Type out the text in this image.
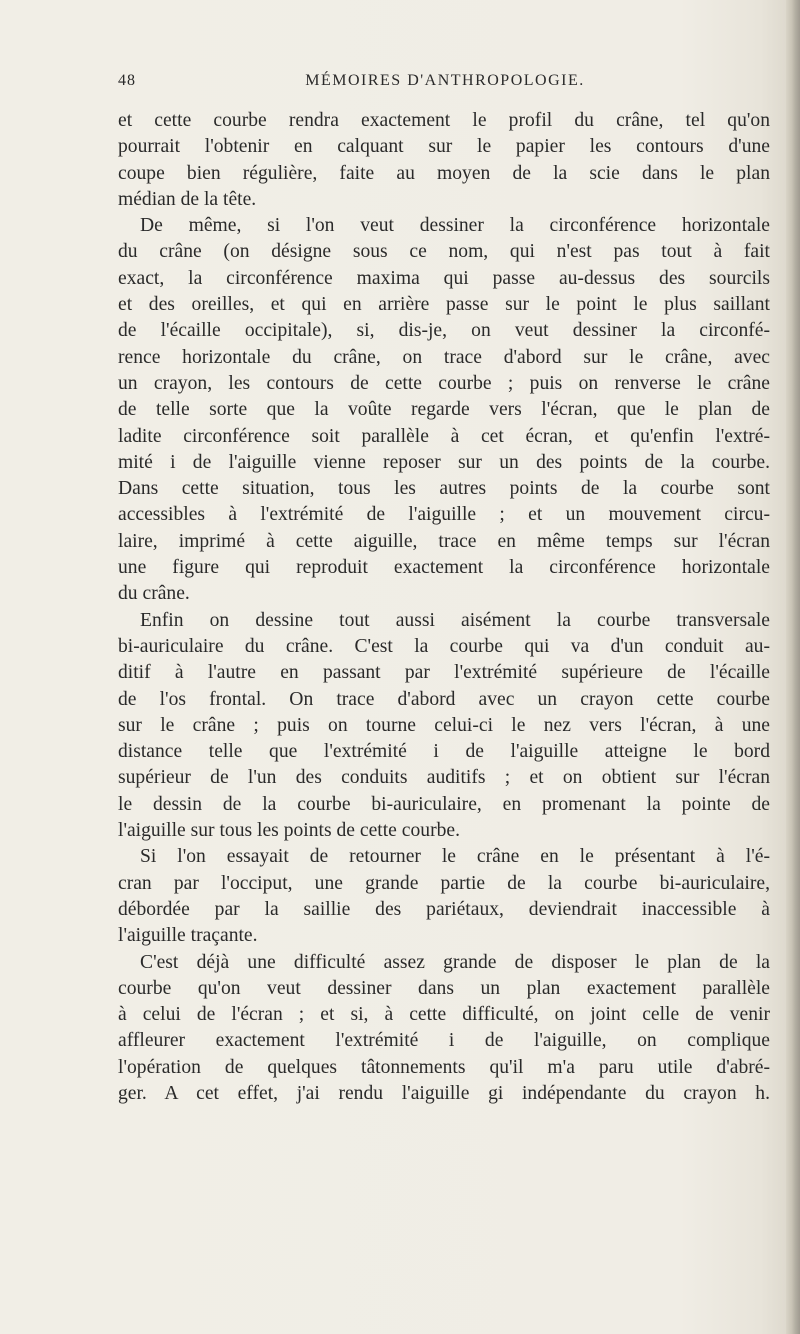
48	MÉMOIRES D'ANTHROPOLOGIE.
et cette courbe rendra exactement le profil du crâne, tel qu'on
pourrait l'obtenir en calquant sur le papier les contours d'une
coupe bien régulière, faite au moyen de la scie dans le plan
médian de la tête.
De même, si l'on veut dessiner la circonférence horizontale
du crâne (on désigne sous ce nom, qui n'est pas tout à fait
exact, la circonférence maxima qui passe au-dessus des sourcils
et des oreilles, et qui en arrière passe sur le point le plus saillant
de l'écaille occipitale), si, dis-je, on veut dessiner la circonfé-
rence horizontale du crâne, on trace d'abord sur le crâne, avec
un crayon, les contours de cette courbe ; puis on renverse le crâne
de telle sorte que la voûte regarde vers l'écran, que le plan de
ladite circonférence soit parallèle à cet écran, et qu'enfin l'extré-
mité i de l'aiguille vienne reposer sur un des points de la courbe.
Dans cette situation, tous les autres points de la courbe sont
accessibles à l'extrémité de l'aiguille ; et un mouvement circu-
laire, imprimé à cette aiguille, trace en même temps sur l'écran
une figure qui reproduit exactement la circonférence horizontale
du crâne.
Enfin on dessine tout aussi aisément la courbe transversale
bi-auriculaire du crâne. C'est la courbe qui va d'un conduit au-
ditif à l'autre en passant par l'extrémité supérieure de l'écaille
de l'os frontal. On trace d'abord avec un crayon cette courbe
sur le crâne ; puis on tourne celui-ci le nez vers l'écran, à une
distance telle que l'extrémité i de l'aiguille atteigne le bord
supérieur de l'un des conduits auditifs ; et on obtient sur l'écran
le dessin de la courbe bi-auriculaire, en promenant la pointe de
l'aiguille sur tous les points de cette courbe.
Si l'on essayait de retourner le crâne en le présentant à l'é-
cran par l'occiput, une grande partie de la courbe bi-auriculaire,
débordée par la saillie des pariétaux, deviendrait inaccessible à
l'aiguille traçante.
C'est déjà une difficulté assez grande de disposer le plan de la
courbe qu'on veut dessiner dans un plan exactement parallèle
à celui de l'écran ; et si, à cette difficulté, on joint celle de venir
affleurer exactement l'extrémité i de l'aiguille, on complique
l'opération de quelques tâtonnements qu'il m'a paru utile d'abré-
ger. A cet effet, j'ai rendu l'aiguille gi indépendante du crayon h.
